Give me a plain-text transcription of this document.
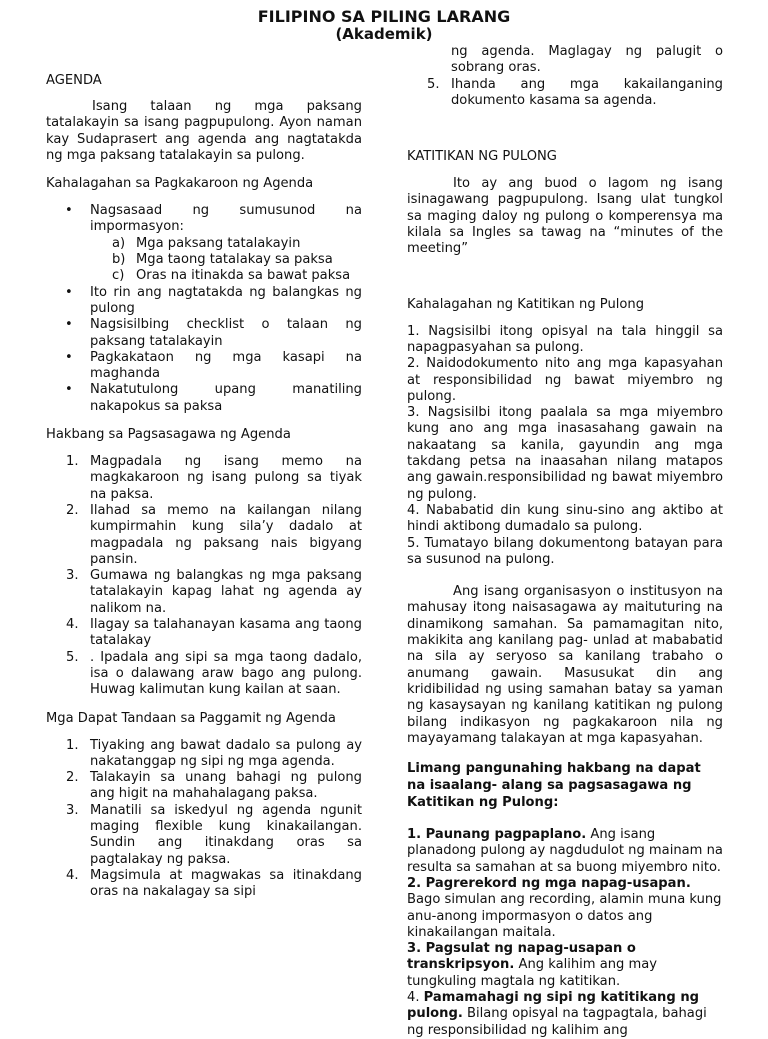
FILIPINO SA PILING LARANG
(Akademik)
AGENDA

Isang talaan ng mga paksang tatalakayin sa isang pagpupulong. Ayon naman kay Sudaprasert ang agenda ang nagtatakda ng mga paksang tatalakayin sa pulong.

Kahalagahan sa Pagkakaroon ng Agenda
• Nagsasaad ng sumusunod na impormasyon:
a) Mga paksang tatalakayin
b) Mga taong tatalakay sa paksa
c) Oras na itinakda sa bawat paksa
• Ito rin ang nagtatakda ng balangkas ng pulong
• Nagsisilbing checklist o talaan ng paksang tatalakayin
• Pagkakataon ng mga kasapi na maghanda
• Nakatutulong upang manatiling nakapokus sa paksa
Hakbang sa Pagsasagawa ng Agenda
1. Magpadala ng isang memo na magkakaroon ng isang pulong sa tiyak na paksa.
2. Ilahad sa memo na kailangan nilang kumpirmahin kung sila’y dadalo at magpadala ng paksang nais bigyang pansin.
3. Gumawa ng balangkas ng mga paksang tatalakayin kapag lahat ng agenda ay nalikom na.
4. Ilagay sa talahanayan kasama ang taong tatalakay
5. . Ipadala ang sipi sa mga taong dadalo, isa o dalawang araw bago ang pulong. Huwag kalimutan kung kailan at saan.
Mga Dapat Tandaan sa Paggamit ng Agenda
1. Tiyaking ang bawat dadalo sa pulong ay nakatanggap ng sipi ng mga agenda.
2. Talakayin sa unang bahagi ng pulong ang higit na mahahalagang paksa.
3. Manatili sa iskedyul ng agenda ngunit maging flexible kung kinakailangan. Sundin ang itinakdang oras sa pagtalakay ng paksa.
4. Magsimula at magwakas sa itinakdang oras na nakalagay sa sipi

ng agenda. Maglagay ng palugit o sobrang oras.

5. Ihanda ang mga kakailanganing dokumento kasama sa agenda.
KATITIKAN NG PULONG

Ito ay ang buod o lagom ng isang isinagawang pagpupulong. Isang ulat tungkol sa maging daloy ng pulong o komperensya ma kilala sa Ingles sa tawag na “minutes of the meeting”

Kahalagahan ng Katitikan ng Pulong

1. Nagsisilbi itong opisyal na tala hinggil sa napagpasyahan sa pulong.
2. Naidodokumento nito ang mga kapasyahan at responsibilidad ng bawat miyembro ng pulong.
3. Nagsisilbi itong paalala sa mga miyembro kung ano ang mga inasasahang gawain na nakaatang sa kanila, gayundin ang mga takdang petsa na inaasahan nilang matapos ang gawain.responsibilidad ng bawat miyembro ng pulong.
4. Nababatid din kung sinu-sino ang aktibo at hindi aktibong dumadalo sa pulong.
5. Tumatayo bilang dokumentong batayan para sa susunod na pulong.

Ang isang organisasyon o institusyon na mahusay itong naisasagawa ay maituturing na dinamikong samahan. Sa pamamagitan nito, makikita ang kanilang pag- unlad at mababatid na sila ay seryoso sa kanilang trabaho o anumang gawain. Masusukat din ang kridibilidad ng using samahan batay sa yaman ng kasaysayan ng kanilang katitikan ng pulong bilang indikasyon ng pagkakaroon nila ng mayayamang talakayan at mga kapasyahan.

Limang pangunahing hakbang na dapat na isaalang- alang sa pagsasagawa ng Katitikan ng Pulong:

1. Paunang pagpaplano. Ang isang planadong pulong ay nagdudulot ng mainam na resulta sa samahan at sa buong miyembro nito.

2. Pagrerekord ng mga napag-usapan. Bago simulan ang recording, alamin muna kung anu-anong impormasyon o datos ang kinakailangan maitala.

3. Pagsulat ng napag-usapan o transkripsyon. Ang kalihim ang may tungkuling magtala ng katitikan.

4. Pamamahagi ng sipi ng katitikang ng pulong. Bilang opisyal na tagpagtala, bahagi ng responsibilidad ng kalihim ang
